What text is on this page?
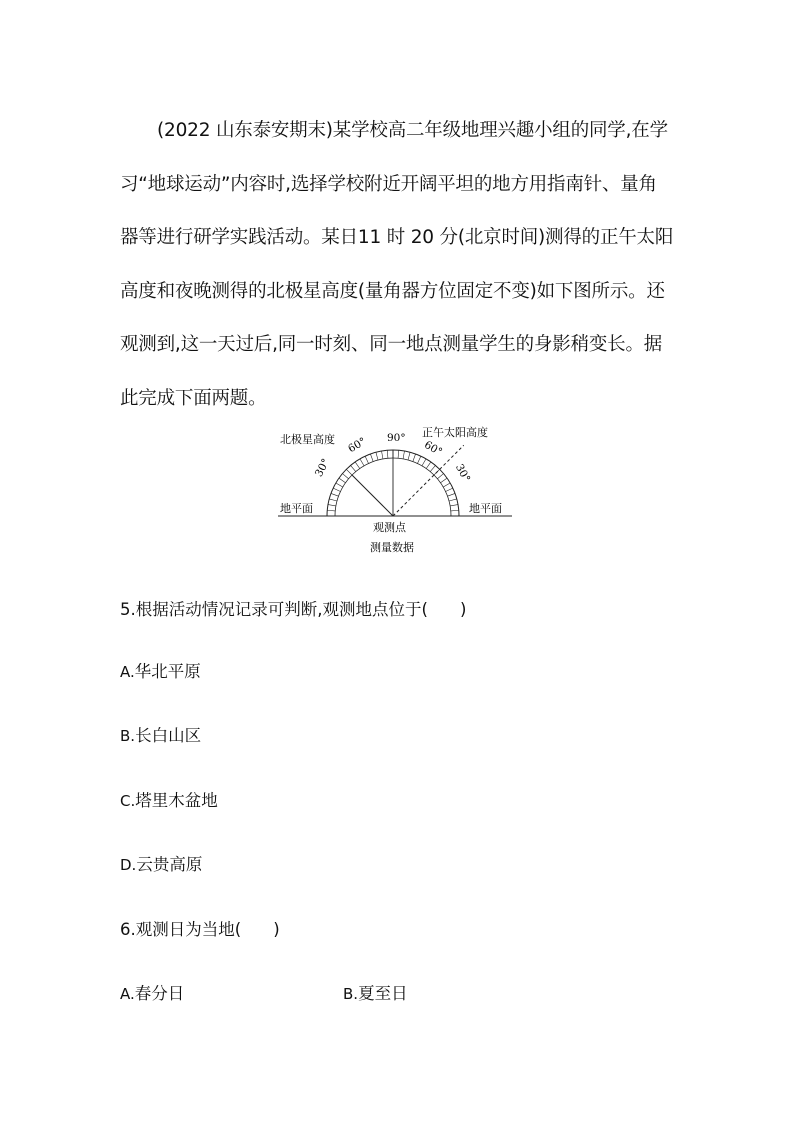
(2022 山东泰安期末)某学校高二年级地理兴趣小组的同学,在学
习“地球运动”内容时,选择学校附近开阔平坦的地方用指南针、量角
器等进行研学实践活动。某日11 时 20 分(北京时间)测得的正午太阳
高度和夜晚测得的北极星高度(量角器方位固定不变)如下图所示。还
观测到,这一天过后,同一时刻、同一地点测量学生的身影稍变长。据
此完成下面两题。
北极星高度
正午太阳高度
90°
60°
30°
60°
30°
地平面	地平面
观测点
测量数据
5.根据活动情况记录可判断,观测地点位于( )
A.华北平原
B.长白山区
C.塔里木盆地
D.云贵高原
6.观测日为当地( )
A.春分日	B.夏至日
